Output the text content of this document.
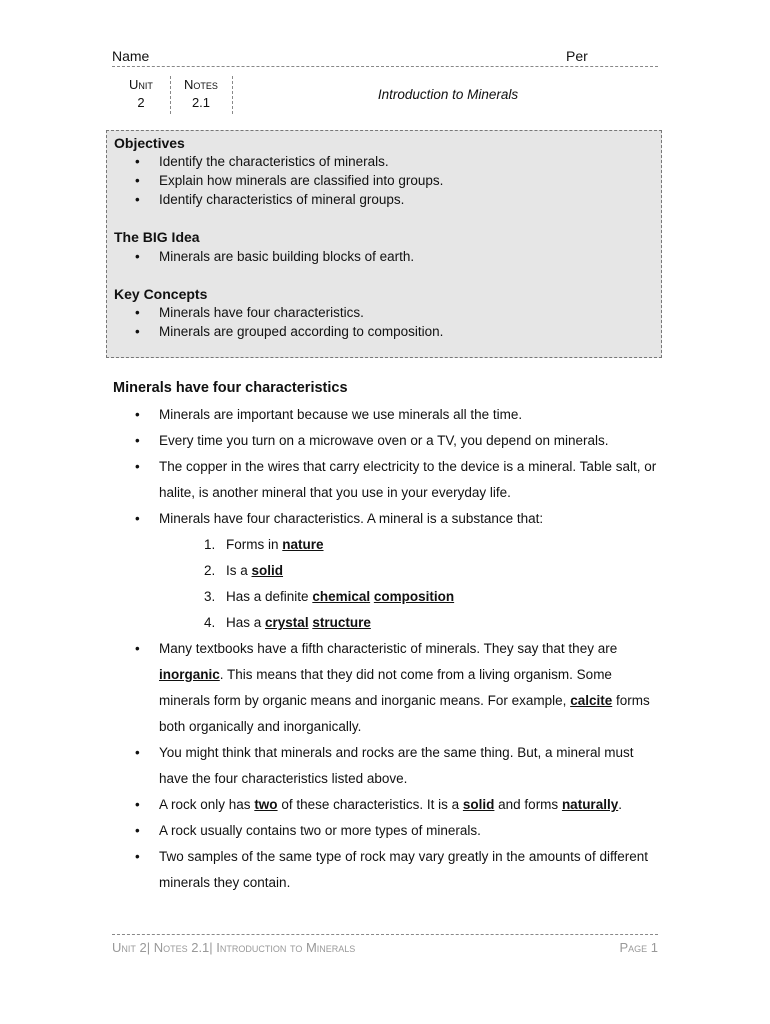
Name	Per
Unit
2
Notes
2.1
Introduction to Minerals
Objectives
• Identify the characteristics of minerals.
• Explain how minerals are classified into groups.
• Identify characteristics of mineral groups.
The BIG Idea
• Minerals are basic building blocks of earth.
Key Concepts
• Minerals have four characteristics.
• Minerals are grouped according to composition.
Minerals have four characteristics
• Minerals are important because we use minerals all the time.
• Every time you turn on a microwave oven or a TV, you depend on minerals.
• The copper in the wires that carry electricity to the device is a mineral. Table salt, or halite, is another mineral that you use in your everyday life.
• Minerals have four characteristics. A mineral is a substance that:
1. Forms in nature
2. Is a solid
3. Has a definite chemical composition
4. Has a crystal structure
• Many textbooks have a fifth characteristic of minerals. They say that they are inorganic. This means that they did not come from a living organism. Some minerals form by organic means and inorganic means. For example, calcite forms both organically and inorganically.
• You might think that minerals and rocks are the same thing. But, a mineral must have the four characteristics listed above.
• A rock only has two of these characteristics. It is a solid and forms naturally.
• A rock usually contains two or more types of minerals.
• Two samples of the same type of rock may vary greatly in the amounts of different minerals they contain.
Unit 2| Notes 2.1| Introduction to Minerals	Page 1
